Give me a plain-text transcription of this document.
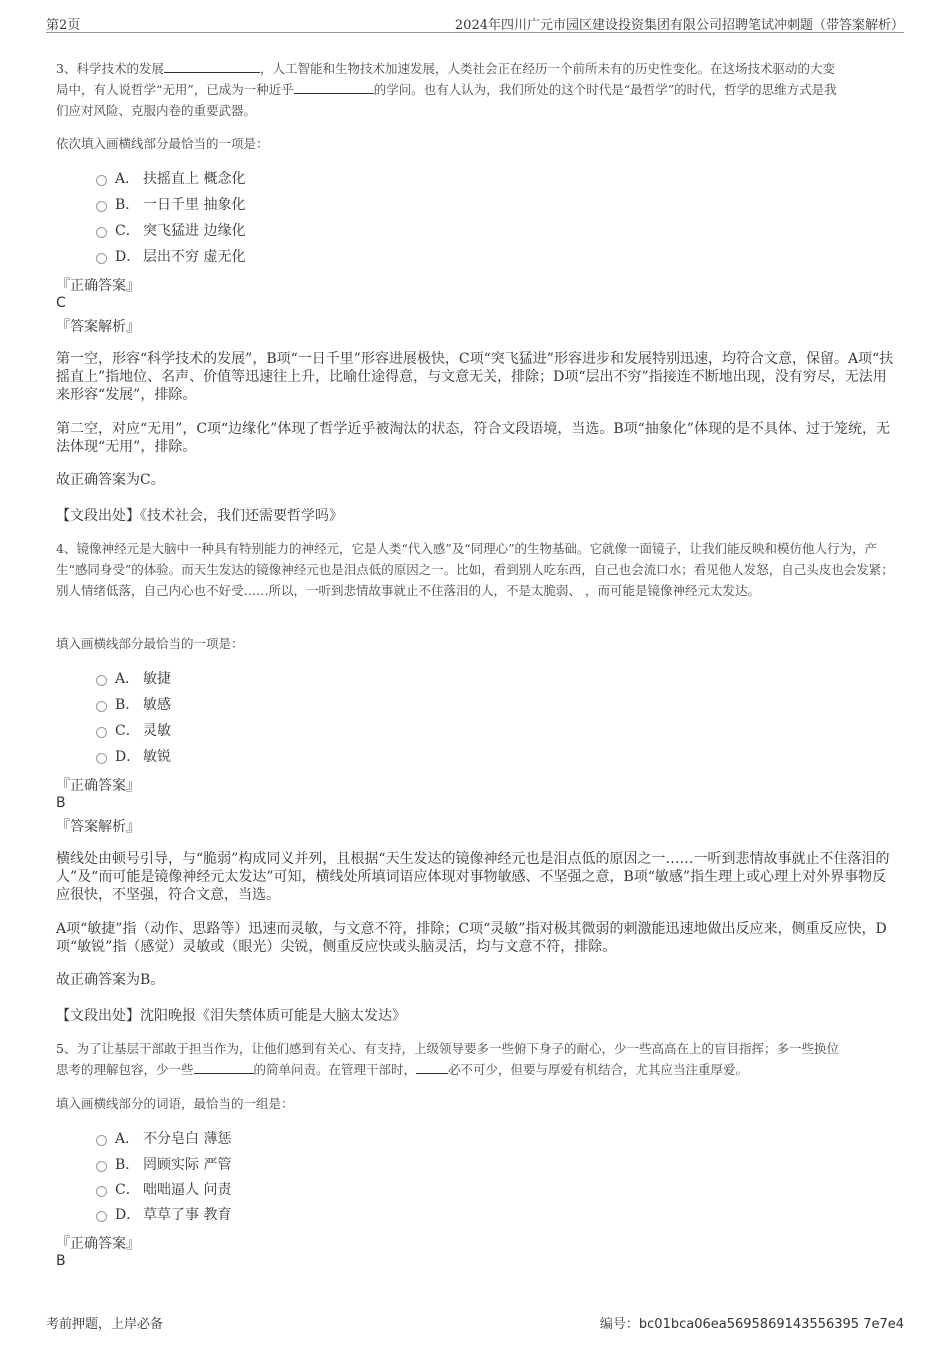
第2页	2024年四川广元市园区建设投资集团有限公司招聘笔试冲刺题（带答案解析）
3、科学技术的发展	，人工智能和生物技术加速发展，人类社会正在经历一个前所未有的历史性变化。在这场技术驱动的大变
局中，有人说哲学“无用”，已成为一种近乎	的学问。也有人认为，我们所处的这个时代是“最哲学”的时代，哲学的思维方式是我
们应对风险、克服内卷的重要武器。
依次填入画横线部分最恰当的一项是：
A． 扶摇直上 概念化
B． 一日千里 抽象化
C． 突飞猛进 边缘化
D． 层出不穷 虚无化
『正确答案』
C
『答案解析』
第一空，形容“科学技术的发展”，B项“一日千里”形容进展极快，C项“突飞猛进”形容进步和发展特别迅速，均符合文意，保留。A项“扶摇直上”指地位、名声、价值等迅速往上升，比喻仕途得意，与文意无关，排除；D项“层出不穷”指接连不断地出现，没有穷尽，无法用来形容“发展”，排除。
第二空，对应“无用”，C项“边缘化”体现了哲学近乎被淘汰的状态，符合文段语境，当选。B项“抽象化”体现的是不具体、过于笼统，无法体现“无用”，排除。
故正确答案为C。
【文段出处】《技术社会，我们还需要哲学吗》
4、镜像神经元是大脑中一种具有特别能力的神经元，它是人类“代入感”及“同理心”的生物基础。它就像一面镜子，让我们能反映和模仿他人行为，产生“感同身受”的体验。而天生发达的镜像神经元也是泪点低的原因之一。比如，看到别人吃东西，自己也会流口水；看见他人发怒，自己头皮也会发紧；别人情绪低落，自己内心也不好受……所以，一听到悲情故事就止不住落泪的人，不是太脆弱、 ，而可能是镜像神经元太发达。
填入画横线部分最恰当的一项是：
A． 敏捷
B． 敏感
C． 灵敏
D． 敏锐
『正确答案』
B
『答案解析』
横线处由顿号引导，与“脆弱”构成同义并列，且根据“天生发达的镜像神经元也是泪点低的原因之一……一听到悲情故事就止不住落泪的人”及“而可能是镜像神经元太发达”可知，横线处所填词语应体现对事物敏感、不坚强之意，B项“敏感”指生理上或心理上对外界事物反应很快，不坚强，符合文意，当选。
A项“敏捷”指（动作、思路等）迅速而灵敏，与文意不符，排除；C项“灵敏”指对极其微弱的刺激能迅速地做出反应来，侧重反应快，D项“敏锐”指（感觉）灵敏或（眼光）尖锐，侧重反应快或头脑灵活，均与文意不符，排除。
故正确答案为B。
【文段出处】沈阳晚报《泪失禁体质可能是大脑太发达》
5、为了让基层干部敢于担当作为，让他们感到有关心、有支持，上级领导要多一些俯下身子的耐心，少一些高高在上的盲目指挥；多一些换位
思考的理解包容，少一些	的简单问责。在管理干部时，	必不可少，但要与厚爱有机结合，尤其应当注重厚爱。
填入画横线部分的词语，最恰当的一组是：
A． 不分皂白 薄惩
B． 罔顾实际 严管
C． 咄咄逼人 问责
D． 草草了事 教育
『正确答案』
B
考前押题，上岸必备	编号：bc01bca06ea5695869143556395 7e7e4
